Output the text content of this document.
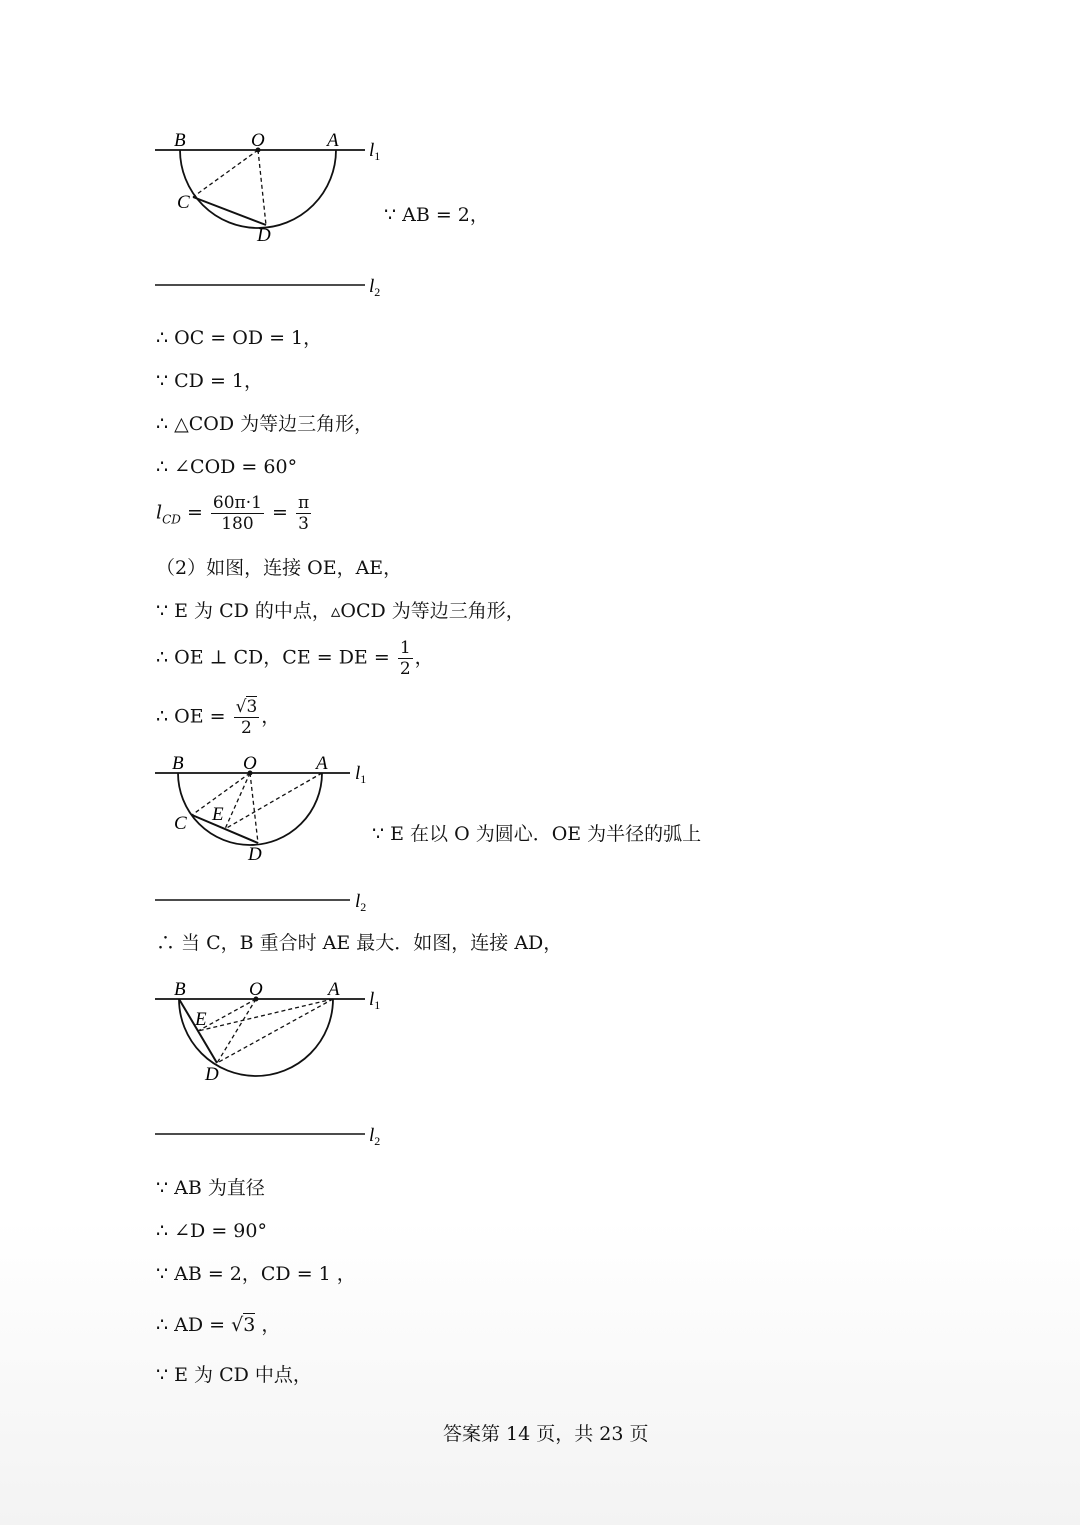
B	O	A
C
D
$l_1$
$l_2$
∵ AB = 2，
∴ OC = OD = 1，
∵ CD = 1，
∴ △COD 为等边三角形，
∴ ∠COD = 60°
$l_{CD} = \frac{60\pi\cdot 1}{180} = \frac{\pi}{3}$
（2）如图，连接 OE，AE，
∵ E 为 CD 的中点，▵OCD 为等边三角形，
∴ OE ⊥ CD，CE = DE = $\frac{1}{2}$ ，
∴ OE = $\frac{√3}{2}$ ，
B	O	A
E
C
D
$l_1$
$l_2$
∵ E 在以 O 为圆心．OE 为半径的弧上
∴ 当 C，B 重合时 AE 最大．如图，连接 AD，
B	O	A
E
D
$l_1$
$l_2$
∵ AB 为直径
∴ ∠D = 90°
∵ AB = 2，CD = 1 ，
∴ AD = √3 ，
∵ E 为 CD 中点，
答案第 14 页，共 23 页
